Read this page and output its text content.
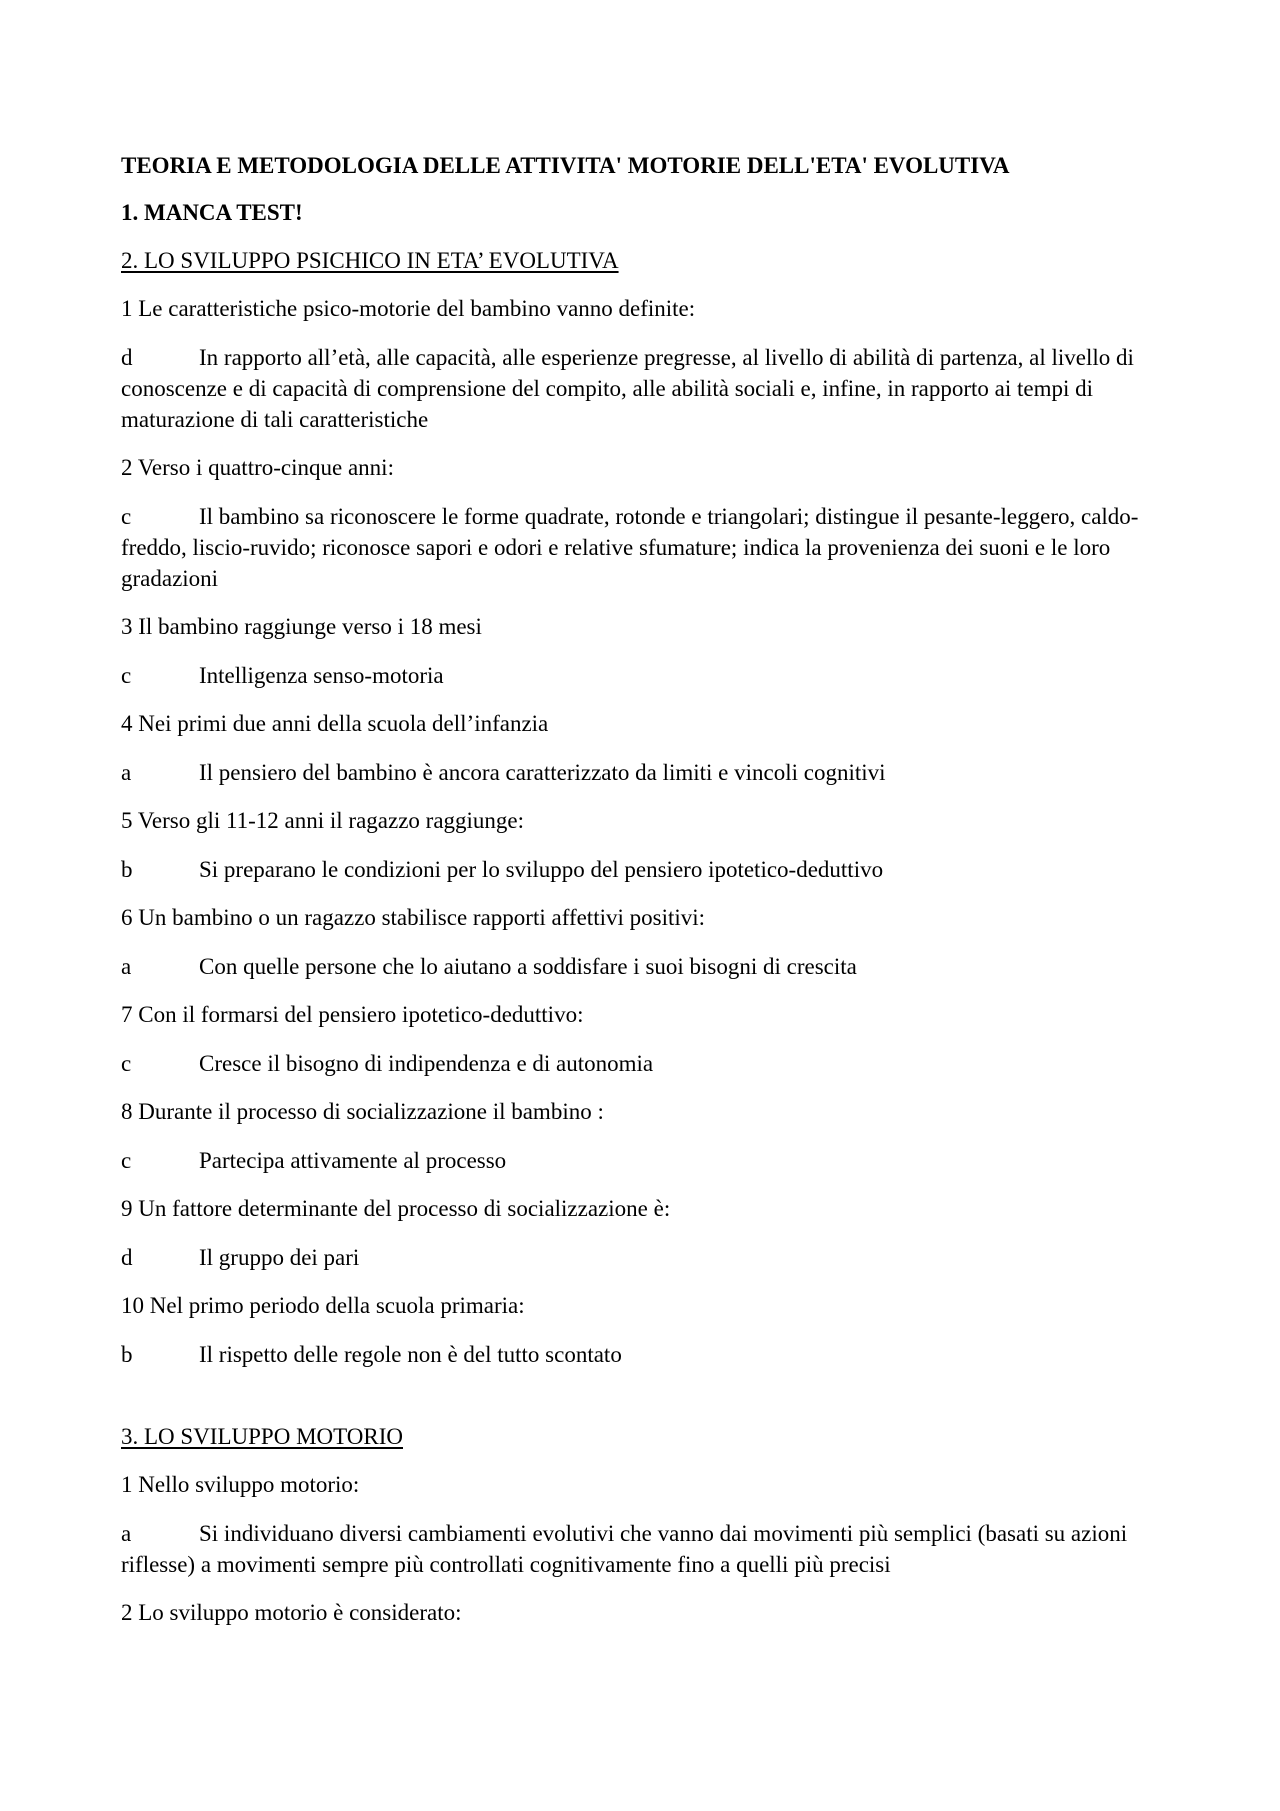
TEORIA E METODOLOGIA DELLE ATTIVITA' MOTORIE DELL'ETA' EVOLUTIVA
1. MANCA TEST!
2. LO SVILUPPO PSICHICO IN ETA’ EVOLUTIVA
1 Le caratteristiche psico-motorie del bambino vanno definite:
d	In rapporto all’età, alle capacità, alle esperienze pregresse, al livello di abilità di partenza, al livello di conoscenze e di capacità di comprensione del compito, alle abilità sociali e, infine, in rapporto ai tempi di maturazione di tali caratteristiche
2 Verso i quattro-cinque anni:
c	Il bambino sa riconoscere le forme quadrate, rotonde e triangolari; distingue il pesante-leggero, caldo-freddo, liscio-ruvido; riconosce sapori e odori e relative sfumature; indica la provenienza dei suoni e le loro gradazioni
3 Il bambino raggiunge verso i 18 mesi
c	Intelligenza senso-motoria
4 Nei primi due anni della scuola dell’infanzia
a	Il pensiero del bambino è ancora caratterizzato da limiti e vincoli cognitivi
5 Verso gli 11-12 anni il ragazzo raggiunge:
b	Si preparano le condizioni per lo sviluppo del pensiero ipotetico-deduttivo
6 Un bambino o un ragazzo stabilisce rapporti affettivi positivi:
a	Con quelle persone che lo aiutano a soddisfare i suoi bisogni di crescita
7 Con il formarsi del pensiero ipotetico-deduttivo:
c	Cresce il bisogno di indipendenza e di autonomia
8 Durante il processo di socializzazione il bambino :
c	Partecipa attivamente al processo
9 Un fattore determinante del processo di socializzazione è:
d	Il gruppo dei pari
10 Nel primo periodo della scuola primaria:
b	Il rispetto delle regole non è del tutto scontato
3. LO SVILUPPO MOTORIO
1 Nello sviluppo motorio:
a	Si individuano diversi cambiamenti evolutivi che vanno dai movimenti più semplici (basati su azioni riflesse) a movimenti sempre più controllati cognitivamente fino a quelli più precisi
2 Lo sviluppo motorio è considerato:
